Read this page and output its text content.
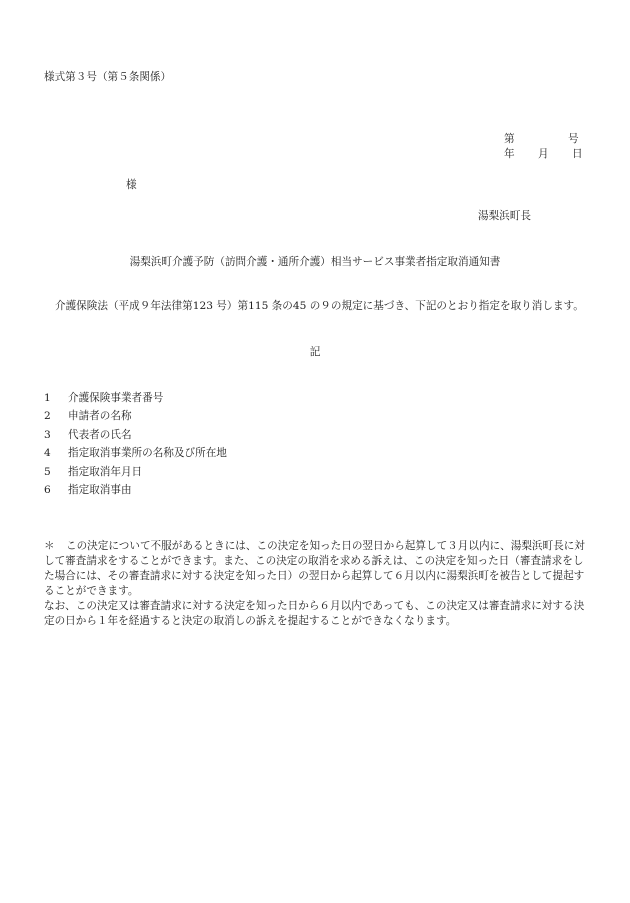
様式第３号（第５条関係）
第	号
年 月 日
様
湯梨浜町長
湯梨浜町介護予防（訪問介護・通所介護）相当サービス事業者指定取消通知書
介護保険法（平成９年法律第123 号）第115 条の45 の９の規定に基づき、下記のとおり指定を取り消します。
記
1 介護保険事業者番号
2 申請者の名称
3 代表者の氏名
4 指定取消事業所の名称及び所在地
5 指定取消年月日
6 指定取消事由

＊ この決定について不服があるときには、この決定を知った日の翌日から起算して３月以内に、湯梨浜町長に対して審査請求をすることができます。また、この決定の取消を求める訴えは、この決定を知った日（審査請求をした場合には、その審査請求に対する決定を知った日）の翌日から起算して６月以内に湯梨浜町を被告として提起することができます。

なお、この決定又は審査請求に対する決定を知った日から６月以内であっても、この決定又は審査請求に対する決定の日から１年を経過すると決定の取消しの訴えを提起することができなくなります。
